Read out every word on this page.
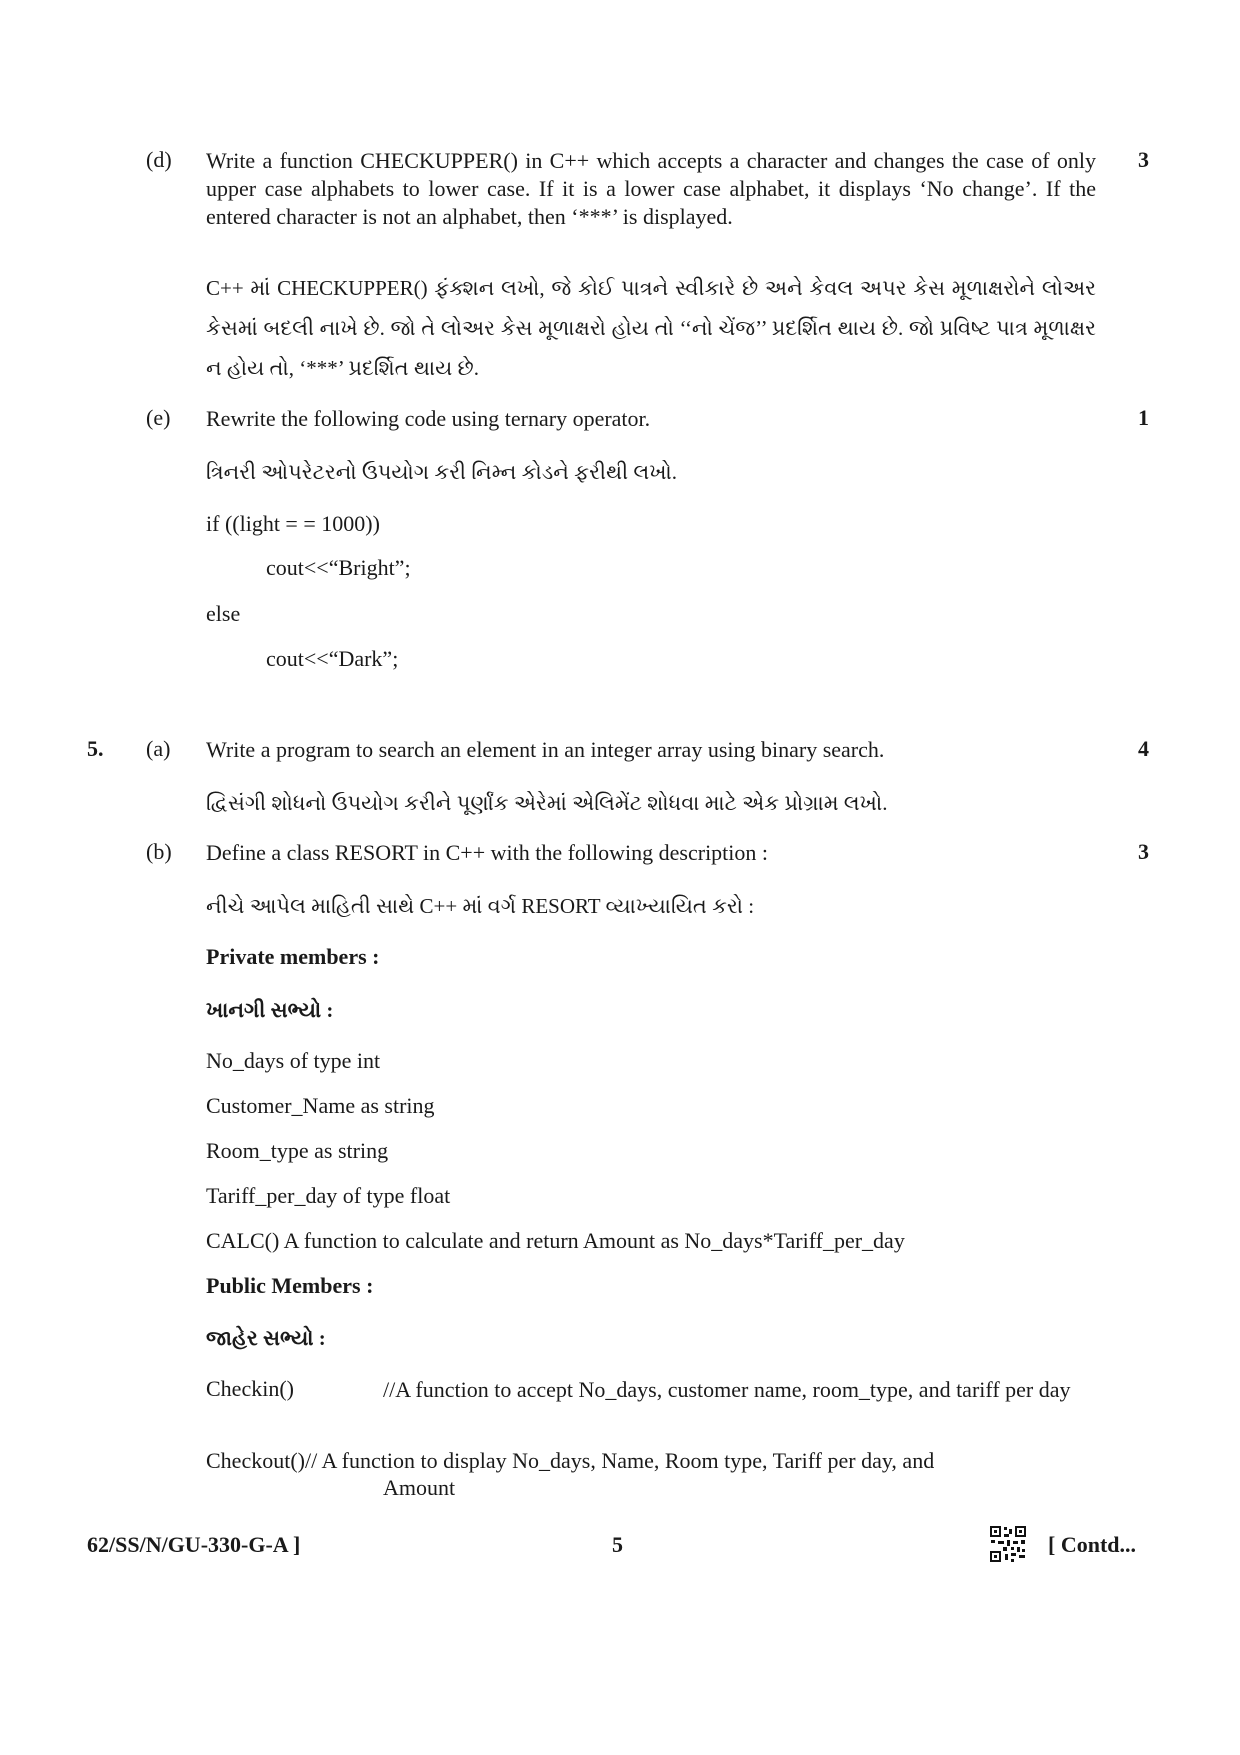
(d) Write a function CHECKUPPER() in C++ which accepts a character and changes the case of only upper case alphabets to lower case. If it is a lower case alphabet, it displays ‘No change’. If the entered character is not an alphabet, then ‘***’ is displayed.
3
C++ માં CHECKUPPER() ફંક્શન લખો, જે કોઈ પાત્રને સ્વીકારે છે અને કેવલ અપર કેસ મૂળાક્ષરોને લોઅર કેસમાં બદલી નાખે છે. જો તે લોઅર કેસ મૂળાક્ષરો હોય તો ‘‘નો ચેંજ’’ પ્રદર્શિત થાય છે. જો પ્રવિષ્ટ પાત્ર મૂળાક્ષર ન હોય તો, ‘***’ પ્રદર્શિત થાય છે.
(e) Rewrite the following code using ternary operator.	1
ત્રિનરી ઓપરેટરનો ઉપયોગ કરી નિમ્ન કોડને ફરીથી લખો.
if ((light = = 1000))
cout<<“Bright”;
else
cout<<“Dark”;
5. (a) Write a program to search an element in an integer array using binary search.	4
દ્વિસંગી શોધનો ઉપયોગ કરીને પૂર્ણાંક એરેમાં એલિમેંટ શોધવા માટે એક પ્રોગ્રામ લખો.
(b) Define a class RESORT in C++ with the following description :	3
નીચે આપેલ માહિતી સાથે C++ માં વર્ગ RESORT વ્યાખ્યાયિત કરો :
Private members :
ખાનગી સભ્યો :
No_days of type int
Customer_Name as string
Room_type as string
Tariff_per_day of type float
CALC() A function to calculate and return Amount as No_days*Tariff_per_day
Public Members :
જાહેર સભ્યો :
Checkin()	//A function to accept No_days, customer name, room_type, and tariff per day
Checkout()// A function to display No_days, Name, Room type, Tariff per day, and
Amount
62/SS/N/GU-330-G-A ]	5	[ Contd...
